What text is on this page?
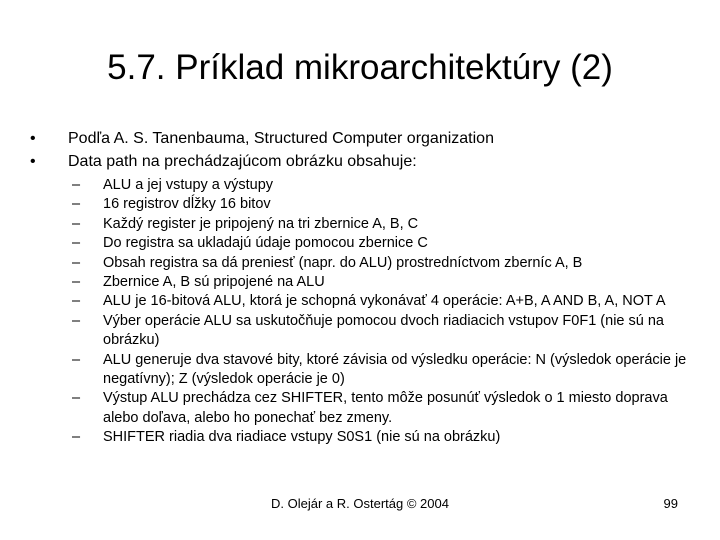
5.7. Príklad mikroarchitektúry (2)
• Podľa A. S. Tanenbauma, Structured Computer organization
• Data path na prechádzajúcom obrázku obsahuje:
– ALU a jej vstupy a výstupy
– 16 registrov dĺžky 16 bitov
– Každý register je pripojený na tri zbernice A, B, C
– Do registra sa ukladajú údaje pomocou zbernice C
– Obsah registra sa dá preniesť (napr. do ALU) prostredníctvom zberníc A, B
– Zbernice A, B sú pripojené na ALU
– ALU je 16-bitová ALU, ktorá je schopná vykonávať 4 operácie: A+B, A AND B, A, NOT A
– Výber operácie ALU sa uskutočňuje pomocou dvoch riadiacich vstupov F0F1 (nie sú na obrázku)
– ALU generuje dva stavové bity, ktoré závisia od výsledku operácie: N (výsledok operácie je negatívny); Z (výsledok operácie je 0)
– Výstup ALU prechádza cez SHIFTER, tento môže posunúť výsledok o 1 miesto doprava alebo doľava, alebo ho ponechať bez zmeny.
– SHIFTER riadia dva riadiace vstupy S0S1 (nie sú na obrázku)
D. Olejár a R. Ostertág © 2004	99
